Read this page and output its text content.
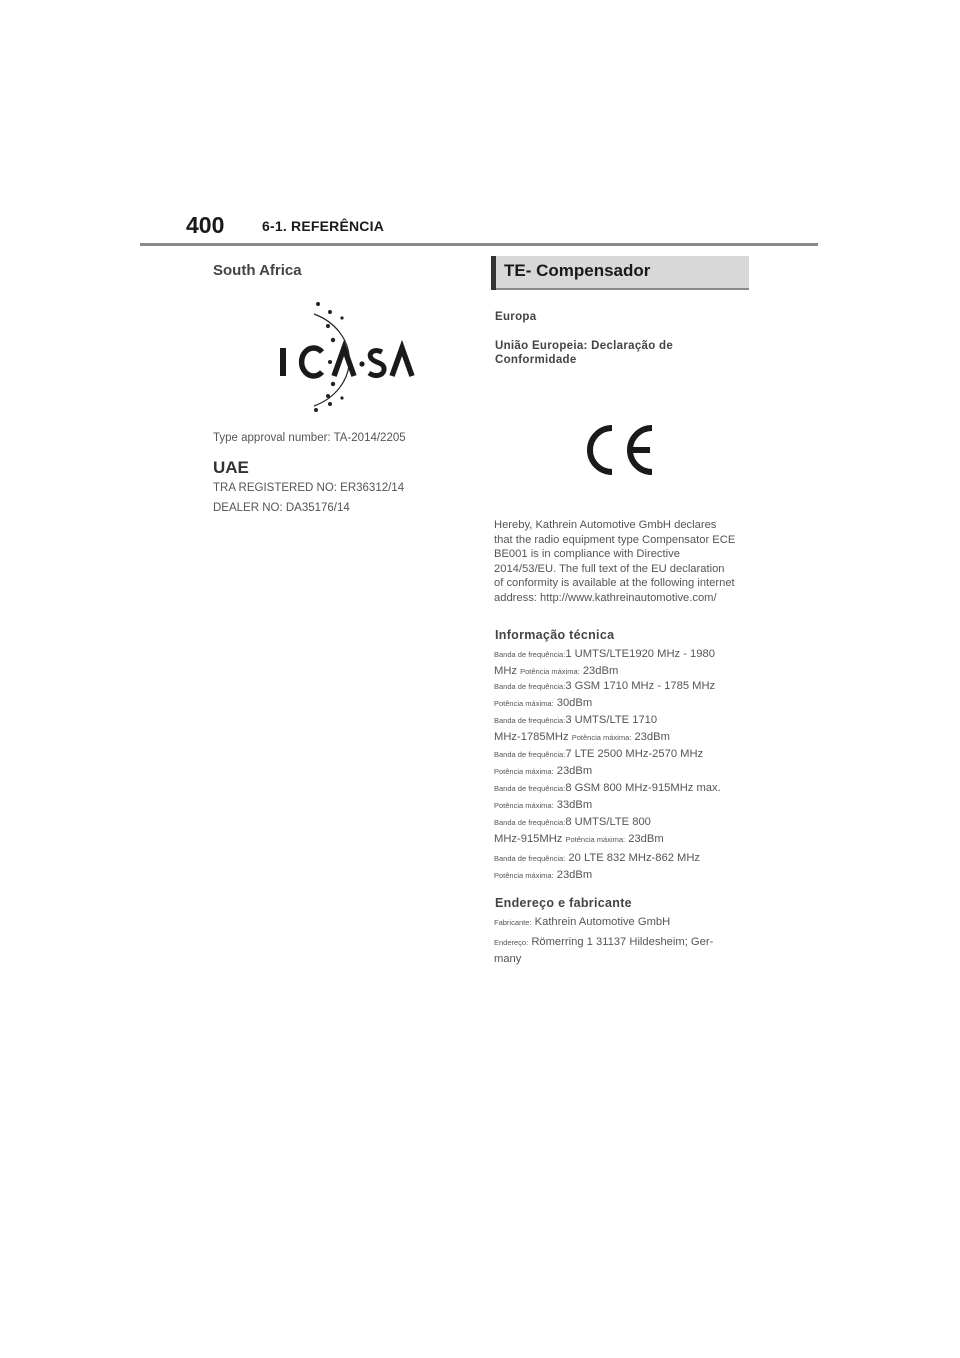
400	6-1. REFERÊNCIA
South Africa
Type approval number: TA-2014/2205
UAE
TRA REGISTERED NO: ER36312/14
DEALER NO: DA35176/14
TE- Compensador
Europa
União Europeia: Declaração de
Conformidade
Hereby, Kathrein Automotive GmbH declares
that the radio equipment type Compensator ECE
BE001 is in compliance with Directive
2014/53/EU. The full text of the EU declaration
of conformity is available at the following internet
address: http://www.kathreinautomotive.com/
Informação técnica
Banda de frequência:1 UMTS/LTE1920 MHz - 1980
MHz Potência máxima: 23dBm
Banda de frequência:3 GSM 1710 MHz - 1785 MHz
Potência máxima: 30dBm
Banda de frequência:3 UMTS/LTE 1710
MHz-1785MHz Potência máxima: 23dBm
Banda de frequência:7 LTE 2500 MHz-2570 MHz
Potência máxima: 23dBm
Banda de frequência:8 GSM 800 MHz-915MHz max.
Potência máxima: 33dBm
Banda de frequência:8 UMTS/LTE 800
MHz-915MHz Potência máxima: 23dBm
Banda de frequência: 20 LTE 832 MHz-862 MHz
Potência máxima: 23dBm
Endereço e fabricante
Fabricante: Kathrein Automotive GmbH
Endereço: Römerring 1 31137 Hildesheim; Ger-
many
